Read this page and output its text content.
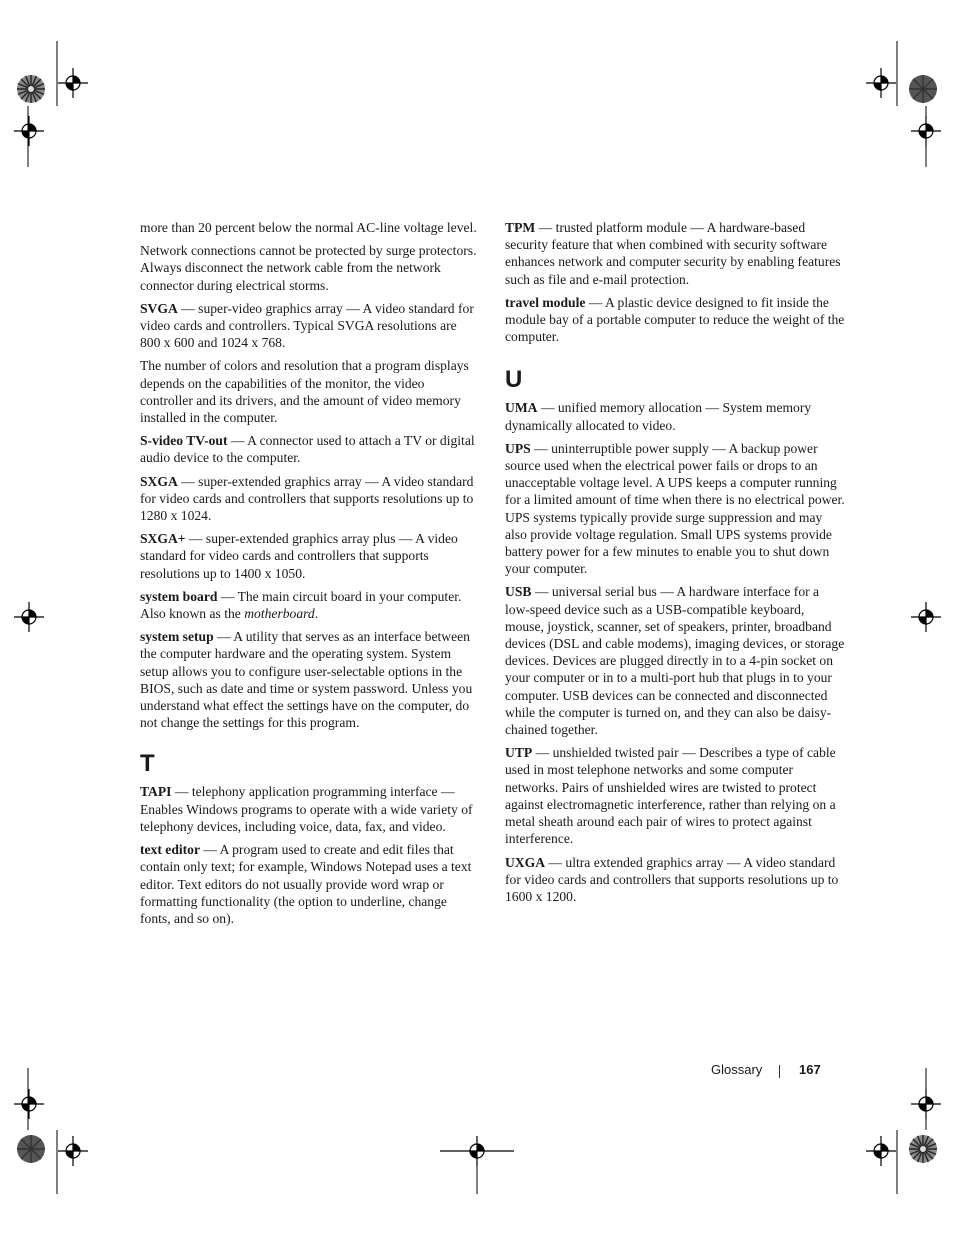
more than 20 percent below the normal AC-line voltage level.

Network connections cannot be protected by surge protectors. Always disconnect the network cable from the network connector during electrical storms.

SVGA — super-video graphics array — A video standard for video cards and controllers. Typical SVGA resolutions are 800 x 600 and 1024 x 768.

The number of colors and resolution that a program displays depends on the capabilities of the monitor, the video controller and its drivers, and the amount of video memory installed in the computer.

S-video TV-out — A connector used to attach a TV or digital audio device to the computer.

SXGA — super-extended graphics array — A video standard for video cards and controllers that supports resolutions up to 1280 x 1024.

SXGA+ — super-extended graphics array plus — A video standard for video cards and controllers that supports resolutions up to 1400 x 1050.

system board — The main circuit board in your computer. Also known as the motherboard.

system setup — A utility that serves as an interface between the computer hardware and the operating system. System setup allows you to configure user-selectable options in the BIOS, such as date and time or system password. Unless you understand what effect the settings have on the computer, do not change the settings for this program.

T

TAPI — telephony application programming interface — Enables Windows programs to operate with a wide variety of telephony devices, including voice, data, fax, and video.

text editor — A program used to create and edit files that contain only text; for example, Windows Notepad uses a text editor. Text editors do not usually provide word wrap or formatting functionality (the option to underline, change fonts, and so on).

TPM — trusted platform module — A hardware-based security feature that when combined with security software enhances network and computer security by enabling features such as file and e-mail protection.

travel module — A plastic device designed to fit inside the module bay of a portable computer to reduce the weight of the computer.

U

UMA — unified memory allocation — System memory dynamically allocated to video.

UPS — uninterruptible power supply — A backup power source used when the electrical power fails or drops to an unacceptable voltage level. A UPS keeps a computer running for a limited amount of time when there is no electrical power. UPS systems typically provide surge suppression and may also provide voltage regulation. Small UPS systems provide battery power for a few minutes to enable you to shut down your computer.

USB — universal serial bus — A hardware interface for a low-speed device such as a USB-compatible keyboard, mouse, joystick, scanner, set of speakers, printer, broadband devices (DSL and cable modems), imaging devices, or storage devices. Devices are plugged directly in to a 4-pin socket on your computer or in to a multi-port hub that plugs in to your computer. USB devices can be connected and disconnected while the computer is turned on, and they can also be daisy-chained together.

UTP — unshielded twisted pair — Describes a type of cable used in most telephone networks and some computer networks. Pairs of unshielded wires are twisted to protect against electromagnetic interference, rather than relying on a metal sheath around each pair of wires to protect against interference.

UXGA — ultra extended graphics array — A video standard for video cards and controllers that supports resolutions up to 1600 x 1200.

Glossary	167
